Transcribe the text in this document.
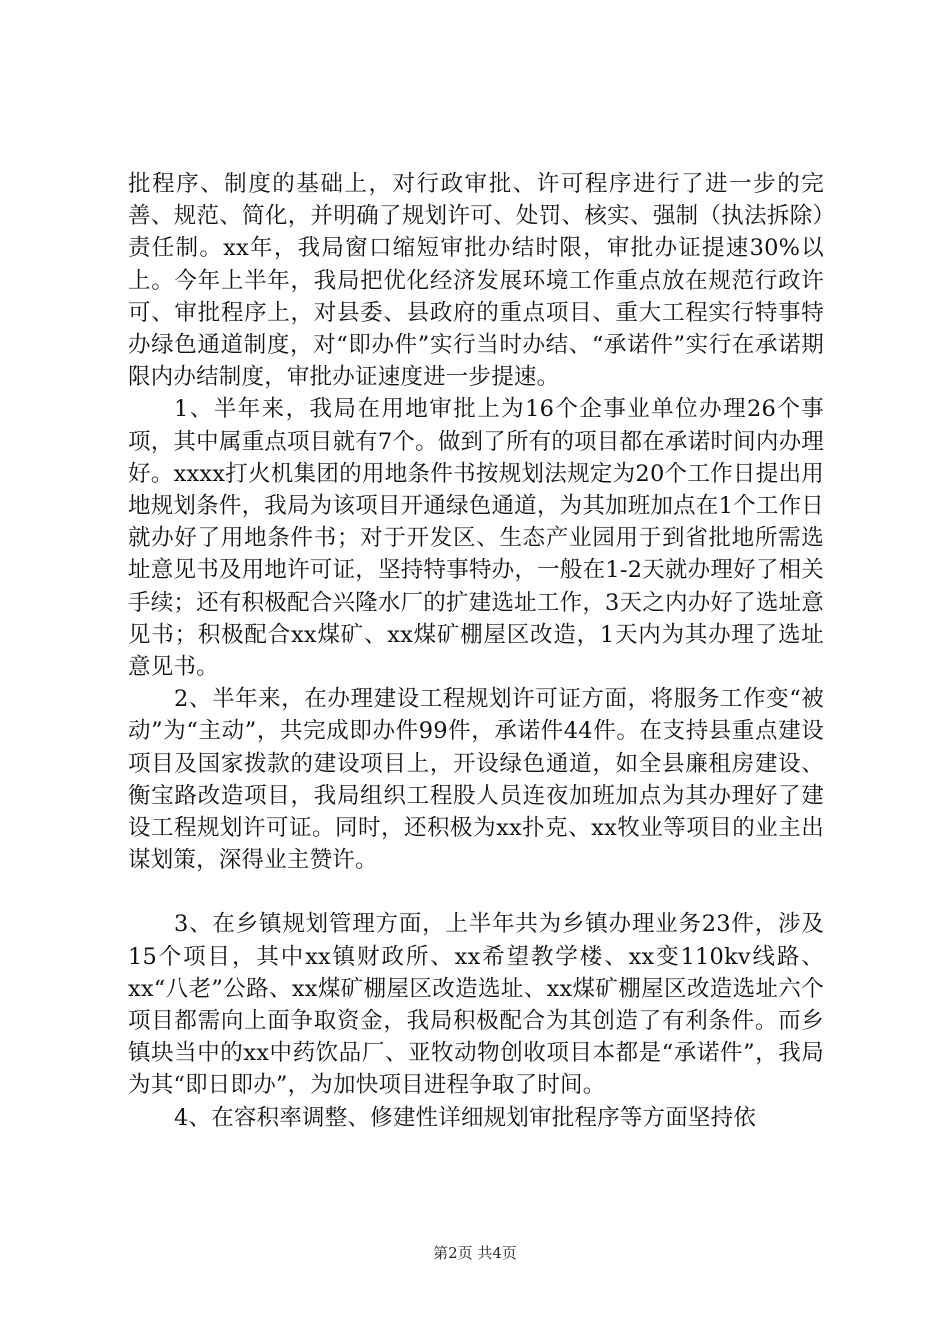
批程序、制度的基础上，对行政审批、许可程序进行了进一步的完善、规范、简化，并明确了规划许可、处罚、核实、强制（执法拆除）责任制。xx年，我局窗口缩短审批办结时限，审批办证提速30%以上。今年上半年，我局把优化经济发展环境工作重点放在规范行政许可、审批程序上，对县委、县政府的重点项目、重大工程实行特事特办绿色通道制度，对“即办件”实行当时办结、“承诺件”实行在承诺期限内办结制度，审批办证速度进一步提速。

1、半年来，我局在用地审批上为16个企事业单位办理26个事项，其中属重点项目就有7个。做到了所有的项目都在承诺时间内办理好。xxxx打火机集团的用地条件书按规划法规定为20个工作日提出用地规划条件，我局为该项目开通绿色通道，为其加班加点在1个工作日就办好了用地条件书；对于开发区、生态产业园用于到省批地所需选址意见书及用地许可证，坚持特事特办，一般在1-2天就办理好了相关手续；还有积极配合兴隆水厂的扩建选址工作，3天之内办好了选址意见书；积极配合xx煤矿、xx煤矿棚屋区改造，1天内为其办理了选址意见书。

2、半年来，在办理建设工程规划许可证方面，将服务工作变“被动”为“主动”，共完成即办件99件，承诺件44件。在支持县重点建设项目及国家拨款的建设项目上，开设绿色通道，如全县廉租房建设、衡宝路改造项目，我局组织工程股人员连夜加班加点为其办理好了建设工程规划许可证。同时，还积极为xx扑克、xx牧业等项目的业主出谋划策，深得业主赞许。

3、在乡镇规划管理方面，上半年共为乡镇办理业务23件，涉及15个项目，其中xx镇财政所、xx希望教学楼、xx变110kv线路、xx“八老”公路、xx煤矿棚屋区改造选址、xx煤矿棚屋区改造选址六个项目都需向上面争取资金，我局积极配合为其创造了有利条件。而乡镇块当中的xx中药饮品厂、亚牧动物创收项目本都是“承诺件”，我局为其“即日即办”，为加快项目进程争取了时间。

4、在容积率调整、修建性详细规划审批程序等方面坚持依

第2页 共4页
